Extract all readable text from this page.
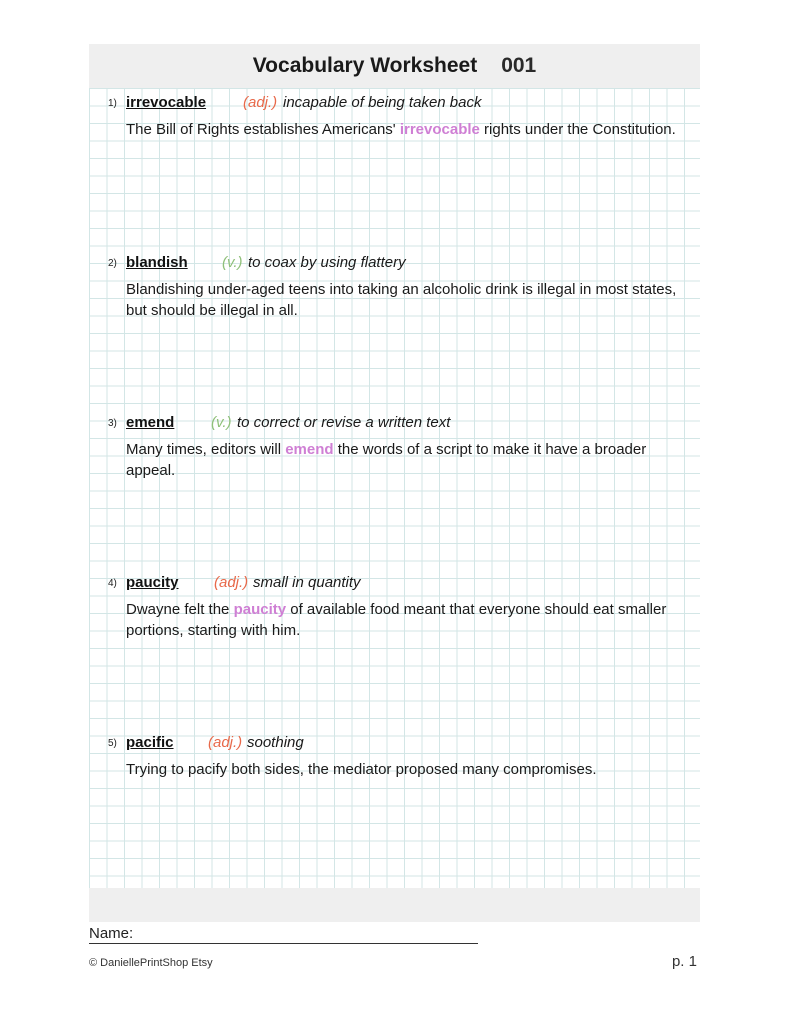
Vocabulary Worksheet 001
1) irrevocable (adj.) incapable of being taken back
The Bill of Rights establishes Americans' irrevocable rights under the Constitution.
2) blandish (v.) to coax by using flattery
Blandishing under-aged teens into taking an alcoholic drink is illegal in most states, but should be illegal in all.
3) emend (v.) to correct or revise a written text
Many times, editors will emend the words of a script to make it have a broader appeal.
4) paucity (adj.) small in quantity
Dwayne felt the paucity of available food meant that everyone should eat smaller portions, starting with him.
5) pacific (adj.) soothing
Trying to pacify both sides, the mediator proposed many compromises.
Name:
© DaniellePrintShop Etsy	p. 1
